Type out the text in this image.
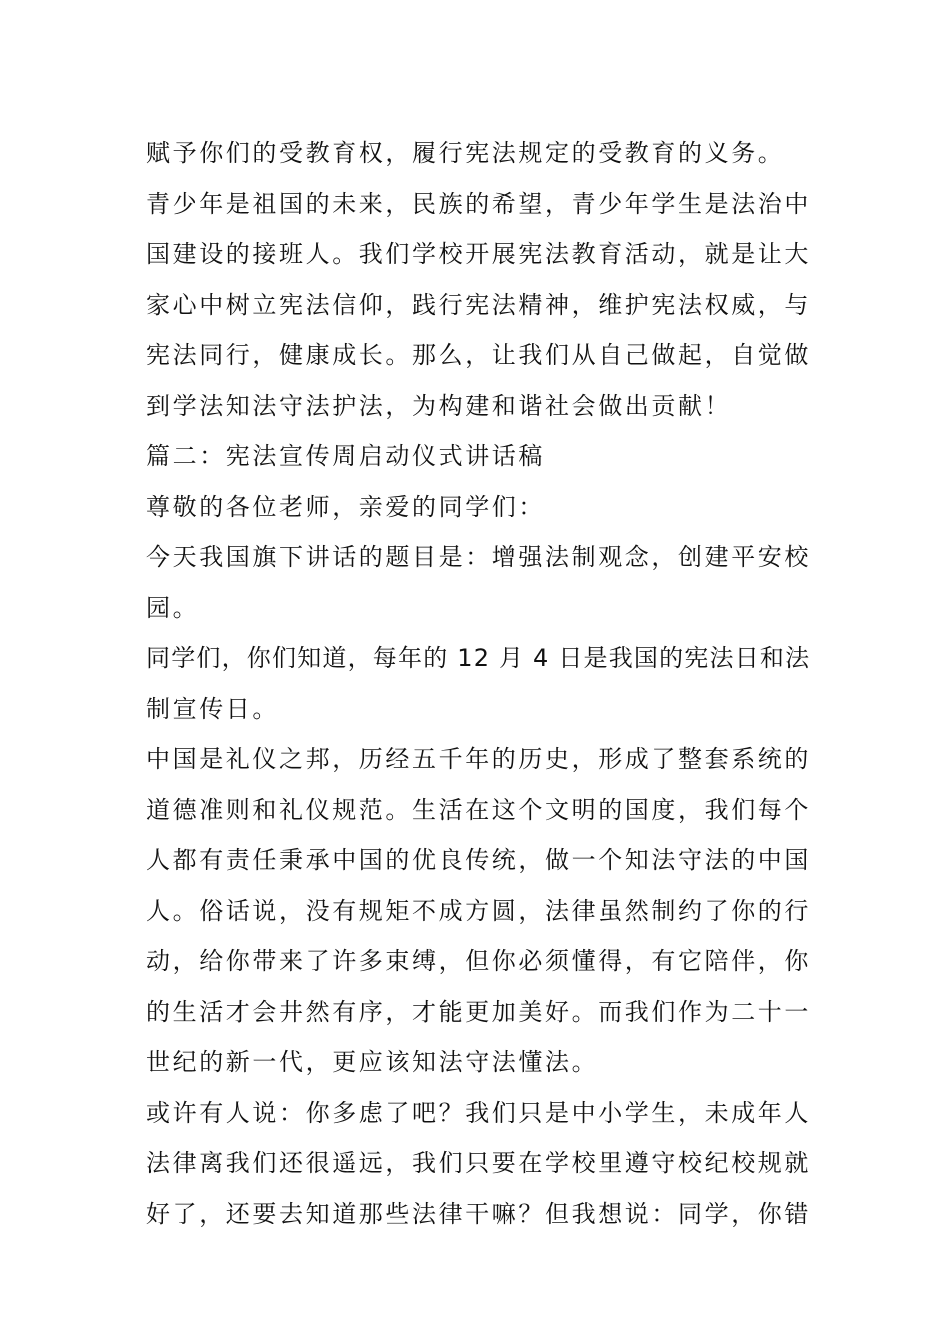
赋予你们的受教育权，履行宪法规定的受教育的义务。
青少年是祖国的未来，民族的希望，青少年学生是法治中
国建设的接班人。我们学校开展宪法教育活动，就是让大
家心中树立宪法信仰，践行宪法精神，维护宪法权威，与
宪法同行，健康成长。那么，让我们从自己做起，自觉做
到学法知法守法护法，为构建和谐社会做出贡献！
篇二：宪法宣传周启动仪式讲话稿
尊敬的各位老师，亲爱的同学们：
今天我国旗下讲话的题目是：增强法制观念，创建平安校
园。
同学们，你们知道，每年的 12 月 4 日是我国的宪法日和法
制宣传日。
中国是礼仪之邦，历经五千年的历史，形成了整套系统的
道德准则和礼仪规范。生活在这个文明的国度，我们每个
人都有责任秉承中国的优良传统，做一个知法守法的中国
人。俗话说，没有规矩不成方圆，法律虽然制约了你的行
动，给你带来了许多束缚，但你必须懂得，有它陪伴，你
的生活才会井然有序，才能更加美好。而我们作为二十一
世纪的新一代，更应该知法守法懂法。
或许有人说：你多虑了吧？我们只是中小学生，未成年人
法律离我们还很遥远，我们只要在学校里遵守校纪校规就
好了，还要去知道那些法律干嘛？但我想说：同学，你错
